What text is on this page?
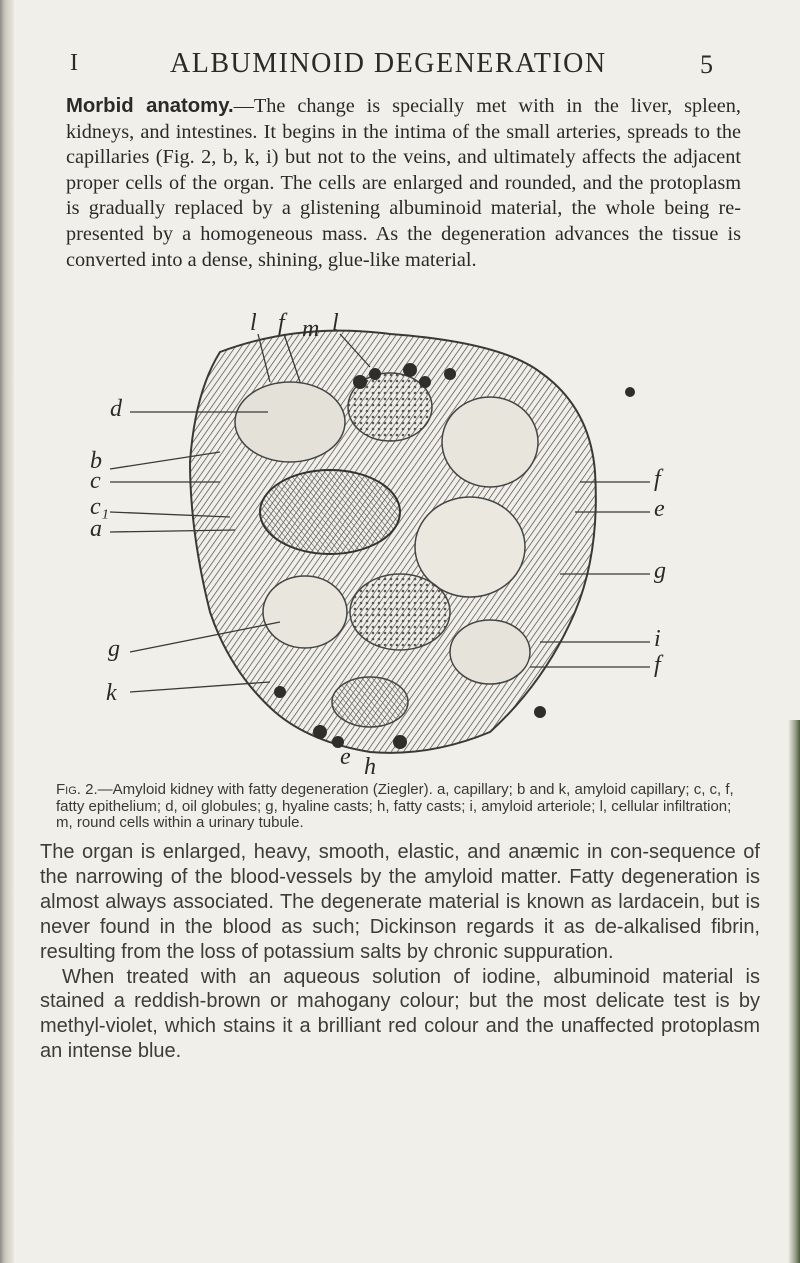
I	ALBUMINOID DEGENERATION	5
Morbid anatomy.—The change is specially met with in the liver, spleen, kidneys, and intestines. It begins in the intima of the small arteries, spreads to the capillaries (Fig. 2, b, k, i) but not to the veins, and ultimately affects the adjacent proper cells of the organ. The cells are enlarged and rounded, and the protoplasm is gradually replaced by a glistening albuminoid material, the whole being re-presented by a homogeneous mass. As the degeneration advances the tissue is converted into a dense, shining, glue-like material.
l f m l
d
b
c
c₁
a
g
k
f
e
g
i
f
e h
Fig. 2.—Amyloid kidney with fatty degeneration (Ziegler). a, capillary; b and k, amyloid capillary; c, c, f, fatty epithelium; d, oil globules; g, hyaline casts; h, fatty casts; i, amyloid arteriole; l, cellular infiltration; m, round cells within a urinary tubule.

The organ is enlarged, heavy, smooth, elastic, and anæmic in con-sequence of the narrowing of the blood-vessels by the amyloid matter. Fatty degeneration is almost always associated. The degenerate material is known as lardacein, but is never found in the blood as such; Dickinson regards it as de-alkalised fibrin, resulting from the loss of potassium salts by chronic suppuration.

When treated with an aqueous solution of iodine, albuminoid material is stained a reddish-brown or mahogany colour; but the most delicate test is by methyl-violet, which stains it a brilliant red colour and the unaffected protoplasm an intense blue.
